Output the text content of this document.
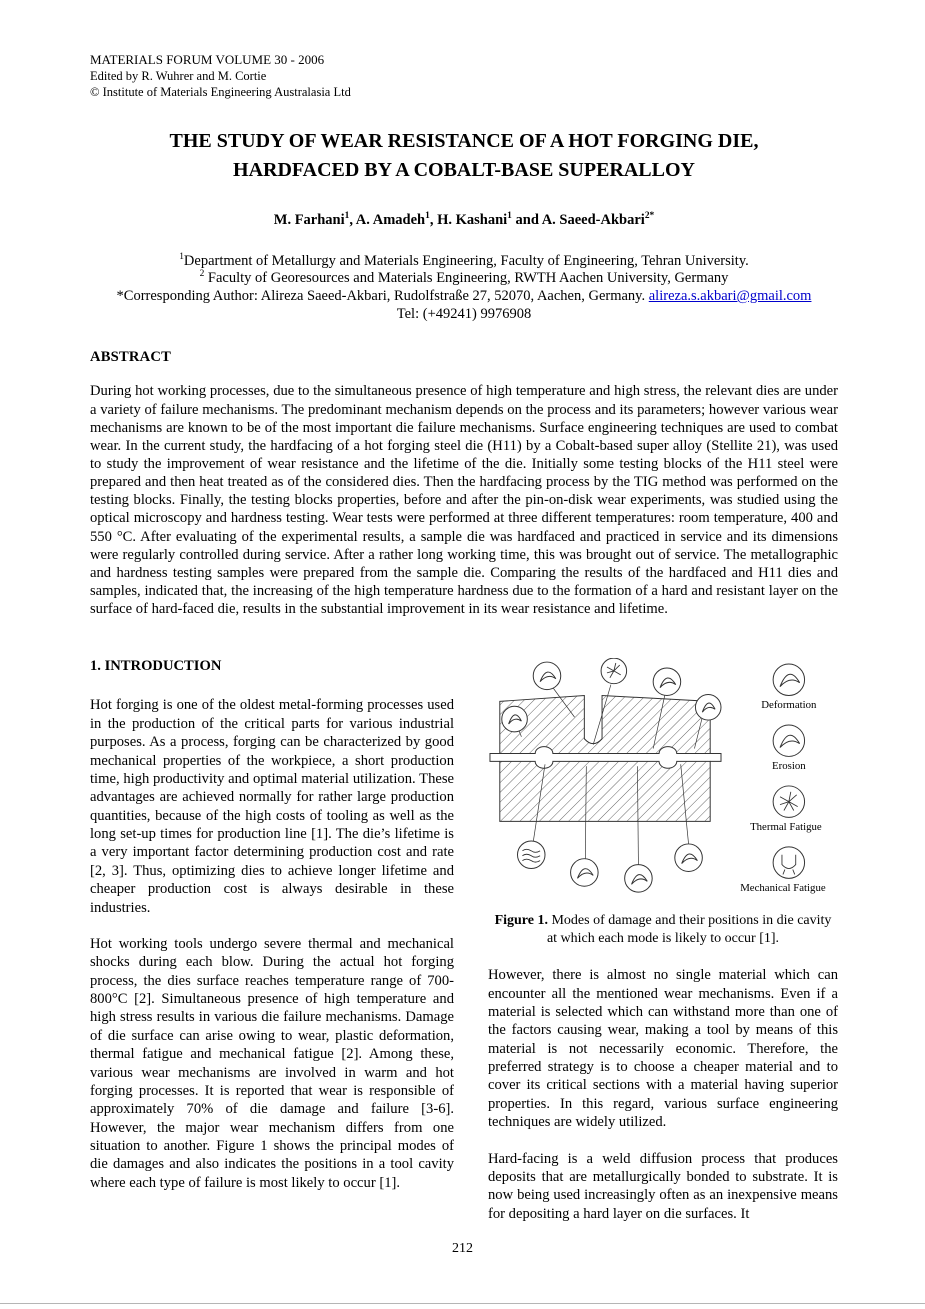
MATERIALS FORUM VOLUME 30 - 2006
Edited by R. Wuhrer and M. Cortie
© Institute of Materials Engineering Australasia Ltd
THE STUDY OF WEAR RESISTANCE OF A HOT FORGING DIE,
HARDFACED BY A COBALT-BASE SUPERALLOY
M. Farhani$^1$, A. Amadeh$^1$, H. Kashani$^1$ and A. Saeed-Akbari$^{2*}$
$^1$Department of Metallurgy and Materials Engineering, Faculty of Engineering, Tehran University.
$^2$ Faculty of Georesources and Materials Engineering, RWTH Aachen University, Germany
*Corresponding Author: Alireza Saeed-Akbari, Rudolfstraße 27, 52070, Aachen, Germany. alireza.s.akbari@gmail.com
Tel: (+49241) 9976908
ABSTRACT
During hot working processes, due to the simultaneous presence of high temperature and high stress, the relevant dies are under a variety of failure mechanisms. The predominant mechanism depends on the process and its parameters; however various wear mechanisms are known to be of the most important die failure mechanisms. Surface engineering techniques are used to combat wear. In the current study, the hardfacing of a hot forging steel die (H11) by a Cobalt-based super alloy (Stellite 21), was used to study the improvement of wear resistance and the lifetime of the die. Initially some testing blocks of the H11 steel were prepared and then heat treated as of the considered dies. Then the hardfacing process by the TIG method was performed on the testing blocks. Finally, the testing blocks properties, before and after the pin-on-disk wear experiments, was studied using the optical microscopy and hardness testing. Wear tests were performed at three different temperatures: room temperature, 400 and 550 °C. After evaluating of the experimental results, a sample die was hardfaced and practiced in service and its dimensions were regularly controlled during service. After a rather long working time, this was brought out of service. The metallographic and hardness testing samples were prepared from the sample die. Comparing the results of the hardfaced and H11 dies and samples, indicated that, the increasing of the high temperature hardness due to the formation of a hard and resistant layer on the surface of hard-faced die, results in the substantial improvement in its wear resistance and lifetime.
1. INTRODUCTION

Hot forging is one of the oldest metal-forming processes used in the production of the critical parts for various industrial purposes. As a process, forging can be characterized by good mechanical properties of the workpiece, a short production time, high productivity and optimal material utilization. These advantages are achieved normally for rather large production quantities, because of the high costs of tooling as well as the long set-up times for production line [1]. The die’s lifetime is a very important factor determining production cost and rate [2, 3]. Thus, optimizing dies to achieve longer lifetime and cheaper production cost is always desirable in these industries.

Hot working tools undergo severe thermal and mechanical shocks during each blow. During the actual hot forging process, the dies surface reaches temperature range of 700-800°C [2]. Simultaneous presence of high temperature and high stress results in various die failure mechanisms. Damage of die surface can arise owing to wear, plastic deformation, thermal fatigue and mechanical fatigue [2]. Among these, various wear mechanisms are involved in warm and hot forging processes. It is reported that wear is responsible of approximately 70% of die damage and failure [3-6]. However, the major wear mechanism differs from one situation to another. Figure 1 shows the principal modes of die damages and also indicates the positions in a tool cavity where each type of failure is most likely to occur [1].

Deformation
Erosion
Thermal Fatigue
Mechanical Fatigue
Figure 1. Modes of damage and their positions in die cavity at which each mode is likely to occur [1].

However, there is almost no single material which can encounter all the mentioned wear mechanisms. Even if a material is selected which can withstand more than one of the factors causing wear, making a tool by means of this material is not necessarily economic. Therefore, the preferred strategy is to choose a cheaper material and to cover its critical sections with a material having superior properties. In this regard, various surface engineering techniques are widely utilized.

Hard-facing is a weld diffusion process that produces deposits that are metallurgically bonded to substrate. It is now being used increasingly often as an inexpensive means for depositing a hard layer on die surfaces. It

212
